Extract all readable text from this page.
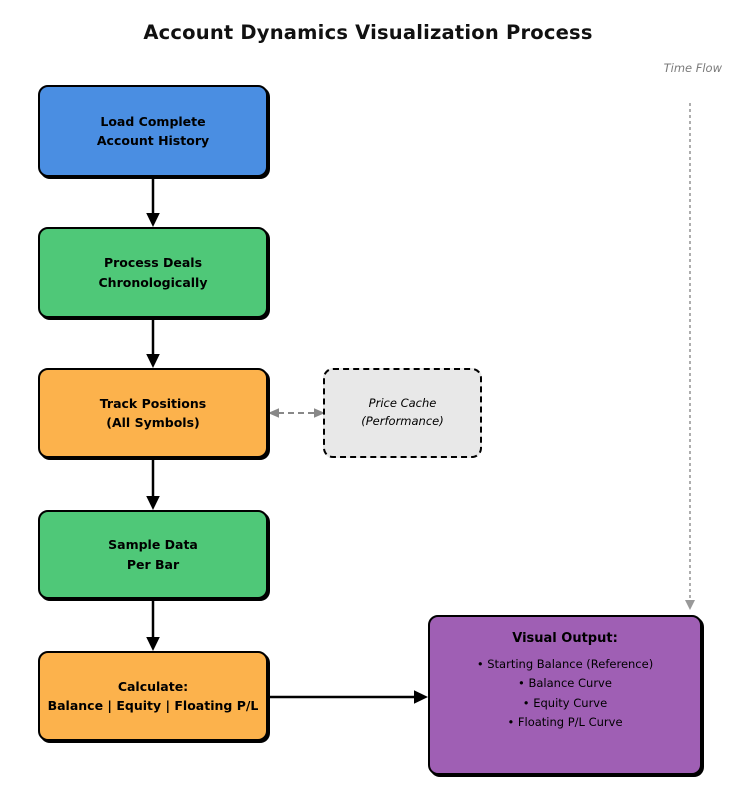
Account Dynamics Visualization Process
Time Flow
Load Complete
Account History
Process Deals
Chronologically
Track Positions
(All Symbols)
Price Cache
(Performance)
Sample Data
Per Bar
Calculate:
Balance | Equity | Floating P/L
Visual Output:
• Starting Balance (Reference)
• Balance Curve
• Equity Curve
• Floating P/L Curve
